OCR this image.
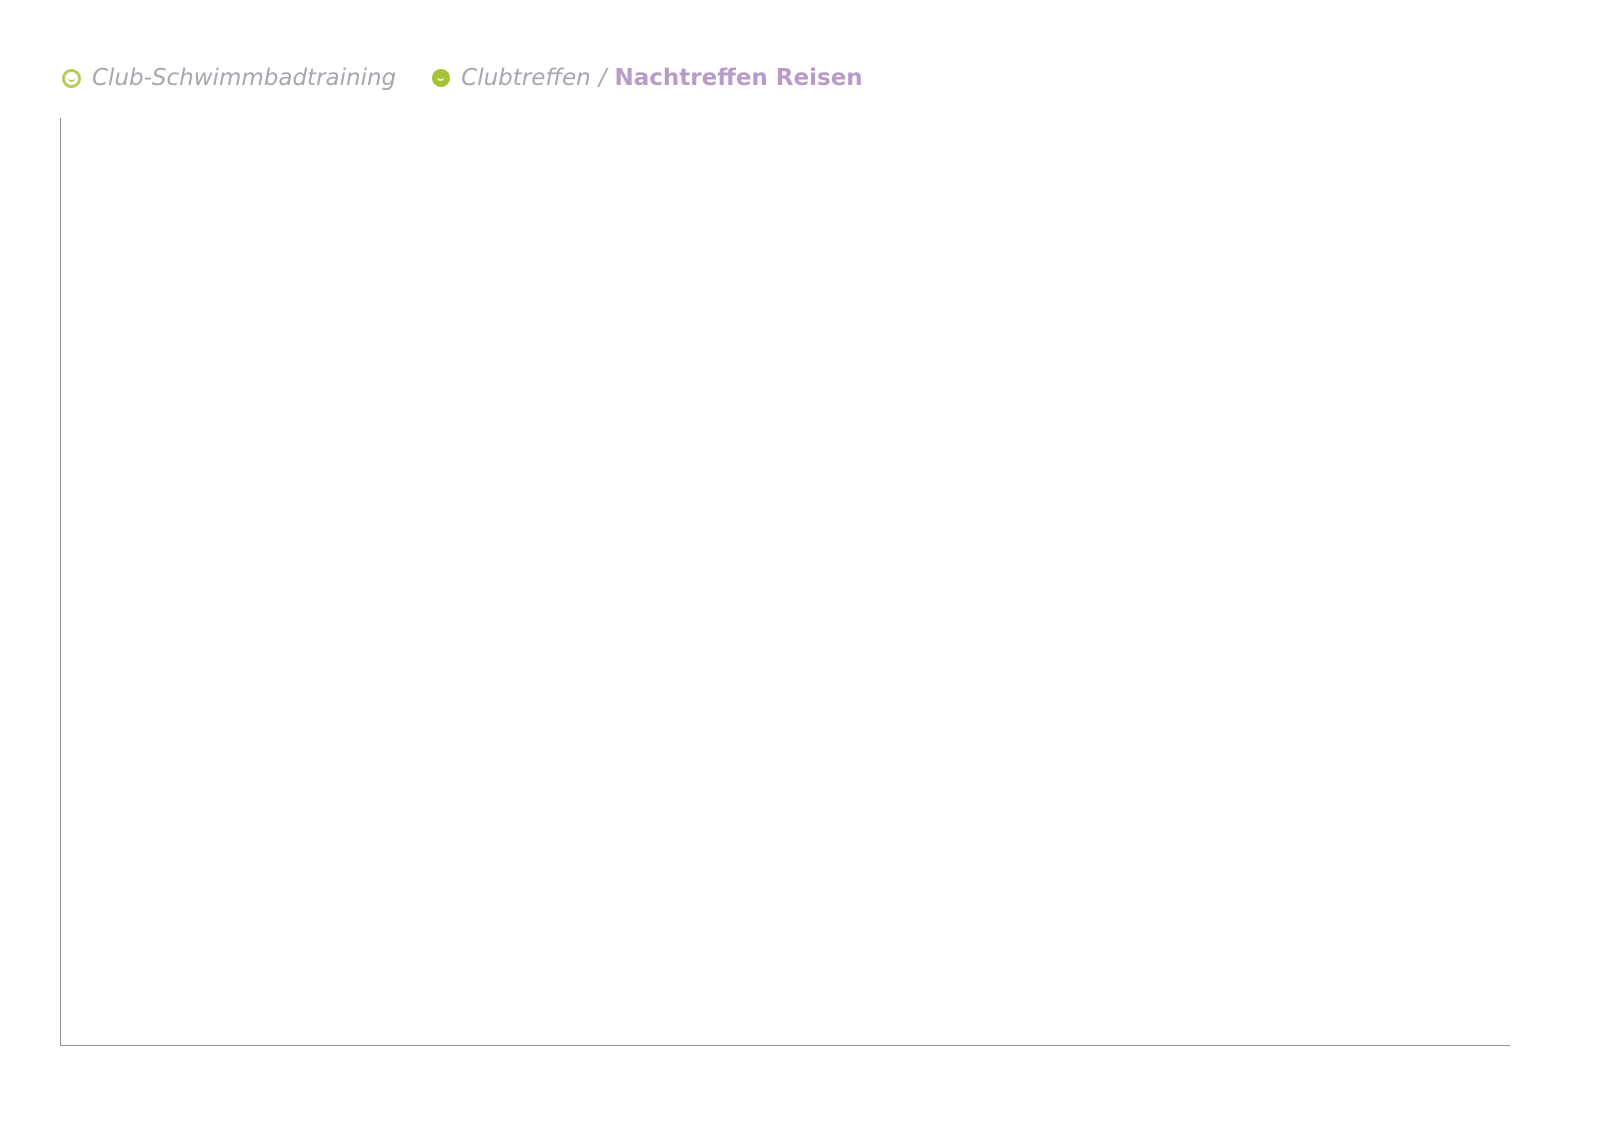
Club-Schwimmbadtraining	Clubtreffen / Nachtreffen Reisen
